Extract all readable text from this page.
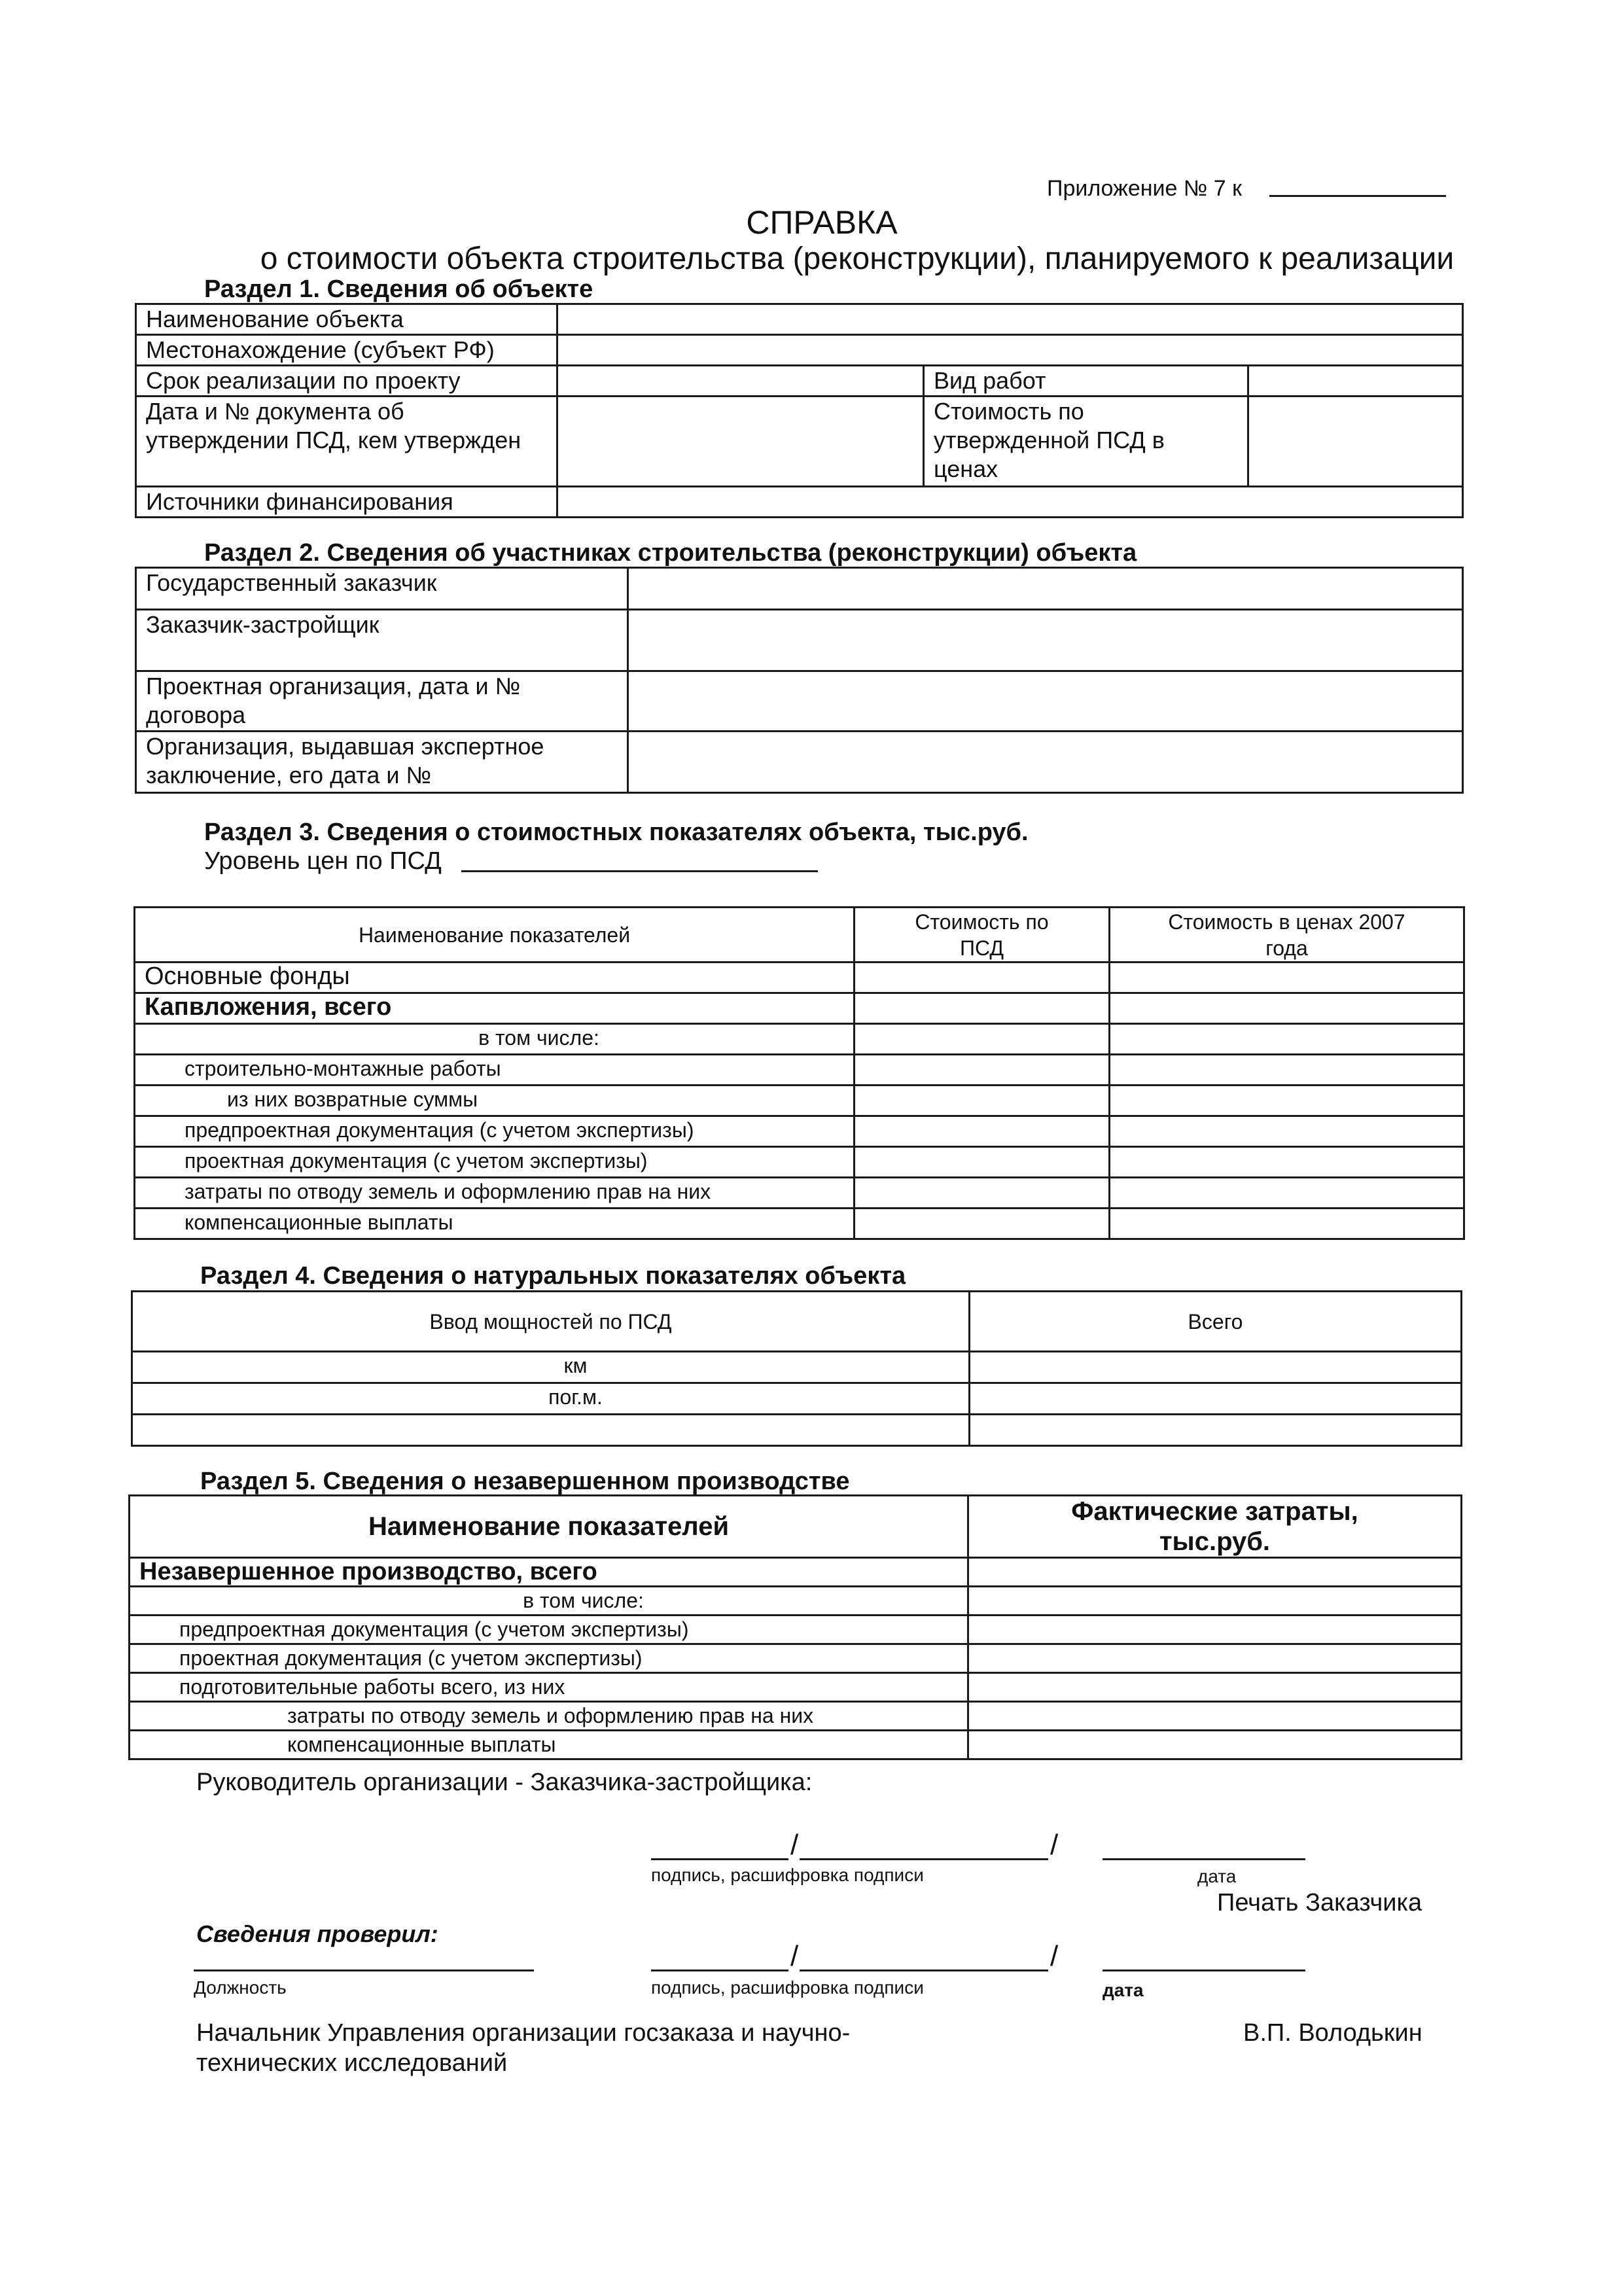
Приложение № 7 к
СПРАВКА
о стоимости объекта строительства (реконструкции), планируемого к реализации
Раздел 1. Сведения об объекте
Наименование объекта			
Местонахождение (субъект РФ)			
Срок реализации по проекту		Вид работ	
Дата и № документа об утверждении ПСД, кем утвержден		Стоимость по утвержденной ПСД в ценах	
Источники финансирования			
Раздел 2. Сведения об участниках строительства (реконструкции) объекта
Государственный заказчик	
Заказчик-застройщик	
Проектная организация, дата и № договора	
Организация, выдавшая экспертное заключение, его дата и №	
Раздел 3. Сведения о стоимостных показателях объекта, тыс.руб.
Уровень цен по ПСД
Наименование показателей	Стоимость по ПСД	Стоимость в ценах 2007 года
Основные фонды		
Капвложения, всего		
в том числе:		
строительно-монтажные работы		
из них возвратные суммы		
предпроектная документация (с учетом экспертизы)		
проектная документация (с учетом экспертизы)		
затраты по отводу земель и оформлению прав на них		
компенсационные выплаты		
Раздел 4. Сведения о натуральных показателях объекта
Ввод мощностей по ПСД	Всего
км	
пог.м.	

Раздел 5. Сведения о незавершенном производстве
Наименование показателей	Фактические затраты, тыс.руб.
Незавершенное производство, всего	
в том числе:	
предпроектная документация (с учетом экспертизы)	
проектная документация (с учетом экспертизы)	
подготовительные работы всего, из них	
затраты по отводу земель и оформлению прав на них	
компенсационные выплаты	
Руководитель организации - Заказчика-застройщика:
/	/
подпись, расшифровка подписи	дата
Печать Заказчика
Сведения проверил:
/	/
Должность	подпись, расшифровка подписи	дата
Начальник Управления организации госзаказа и научно-технических исследований
В.П. Володькин
